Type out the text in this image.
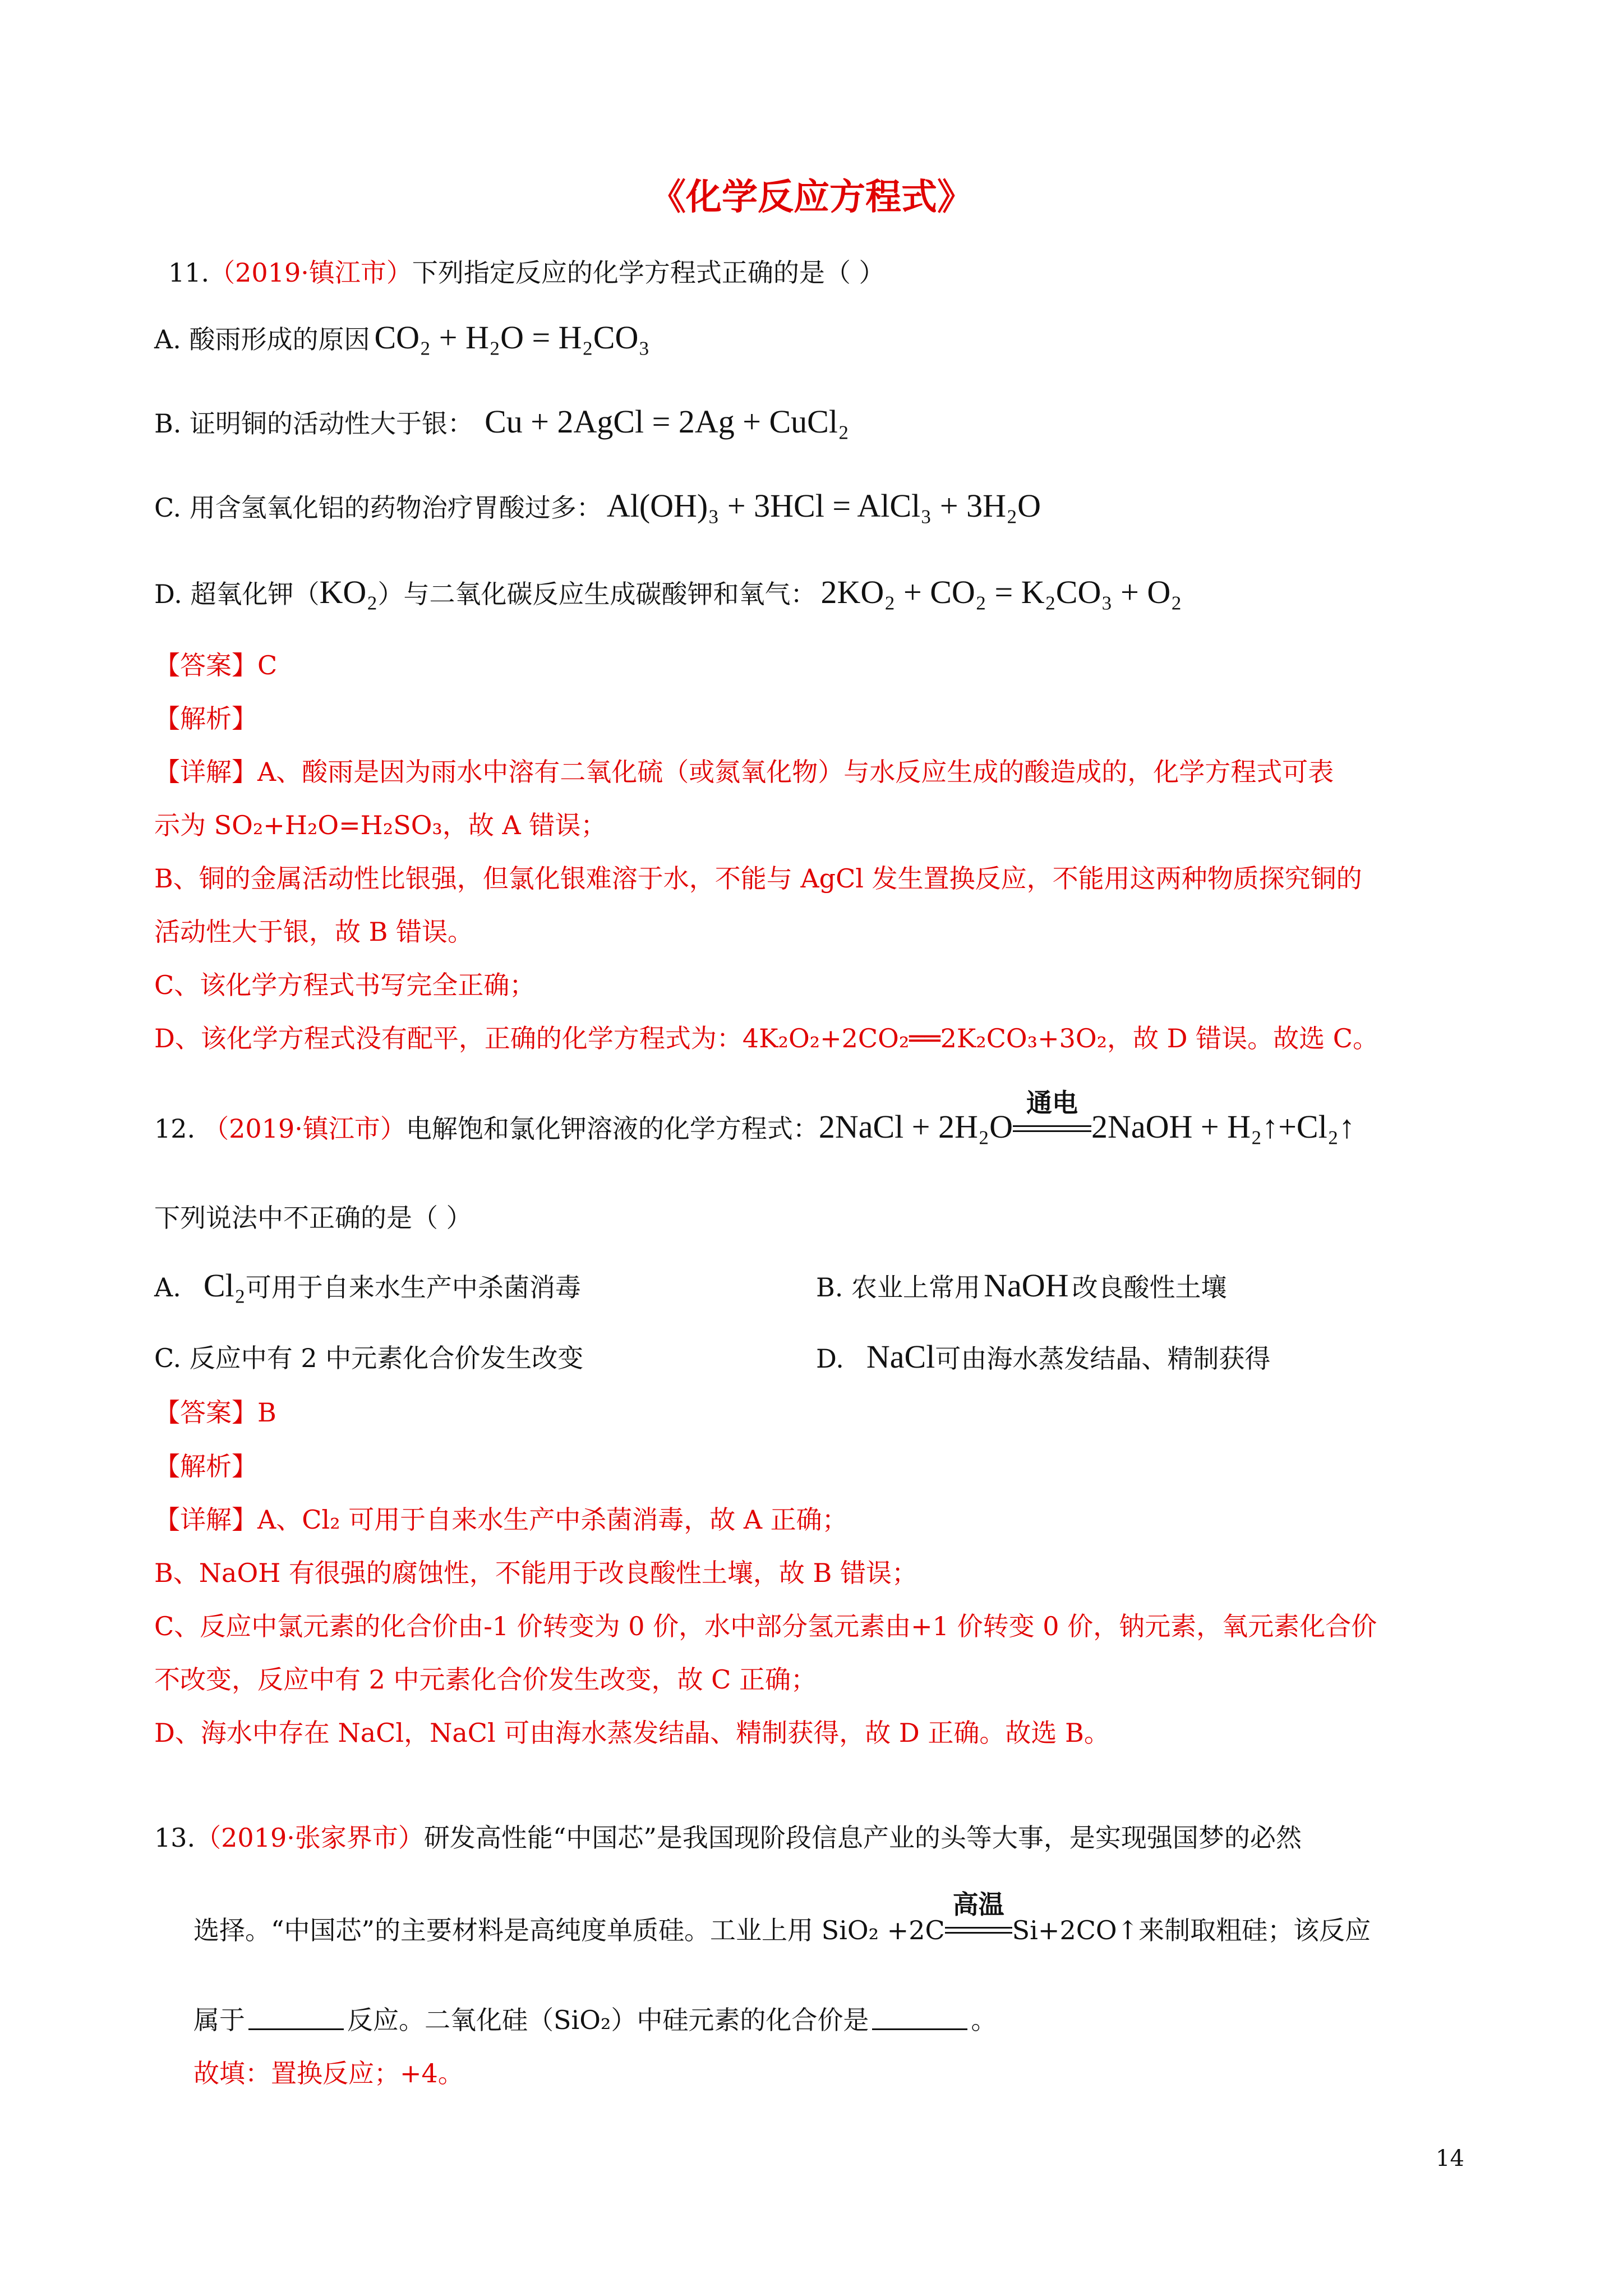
《化学反应方程式》
11.（2019·镇江市）下列指定反应的化学方程式正确的是（ ）
A. 酸雨形成的原因 CO₂ + H₂O = H₂CO₃
B. 证明铜的活动性大于银： Cu + 2AgCl = 2Ag + CuCl₂
C. 用含氢氧化铝的药物治疗胃酸过多： Al(OH)₃ + 3HCl = AlCl₃ + 3H₂O
D. 超氧化钾（KO₂）与二氧化碳反应生成碳酸钾和氧气： 2KO₂ + CO₂ = K₂CO₃ + O₂
【答案】C
【解析】
【详解】A、酸雨是因为雨水中溶有二氧化硫（或氮氧化物）与水反应生成的酸造成的，化学方程式可表
示为 SO₂+H₂O=H₂SO₃，故 A 错误；
B、铜的金属活动性比银强，但氯化银难溶于水，不能与 AgCl 发生置换反应，不能用这两种物质探究铜的
活动性大于银，故 B 错误。
C、该化学方程式书写完全正确；
D、该化学方程式没有配平，正确的化学方程式为：4K₂O₂+2CO₂══2K₂CO₃+3O₂，故 D 错误。故选 C。
12. （2019·镇江市）电解饱和氯化钾溶液的化学方程式：2NaCl + 2H₂O
通电
2NaOH + H₂↑+Cl₂↑
下列说法中不正确的是（ ）
A. Cl₂可用于自来水生产中杀菌消毒	B. 农业上常用 NaOH 改良酸性土壤
C. 反应中有 2 中元素化合价发生改变	D. NaCl可由海水蒸发结晶、精制获得
【答案】B
【解析】
【详解】A、Cl₂ 可用于自来水生产中杀菌消毒，故 A 正确；
B、NaOH 有很强的腐蚀性，不能用于改良酸性土壤，故 B 错误；
C、反应中氯元素的化合价由-1 价转变为 0 价，水中部分氢元素由+1 价转变 0 价，钠元素，氧元素化合价
不改变，反应中有 2 中元素化合价发生改变，故 C 正确；
D、海水中存在 NaCl，NaCl 可由海水蒸发结晶、精制获得，故 D 正确。故选 B。
13.（2019·张家界市）研发高性能“中国芯”是我国现阶段信息产业的头等大事，是实现强国梦的必然
选择。“中国芯”的主要材料是高纯度单质硅。工业上用 SiO₂ +2C
高温
Si+2CO↑来制取粗硅；该反应
属于	反应。二氧化硅（SiO₂）中硅元素的化合价是	。
故填：置换反应；+4。
14
